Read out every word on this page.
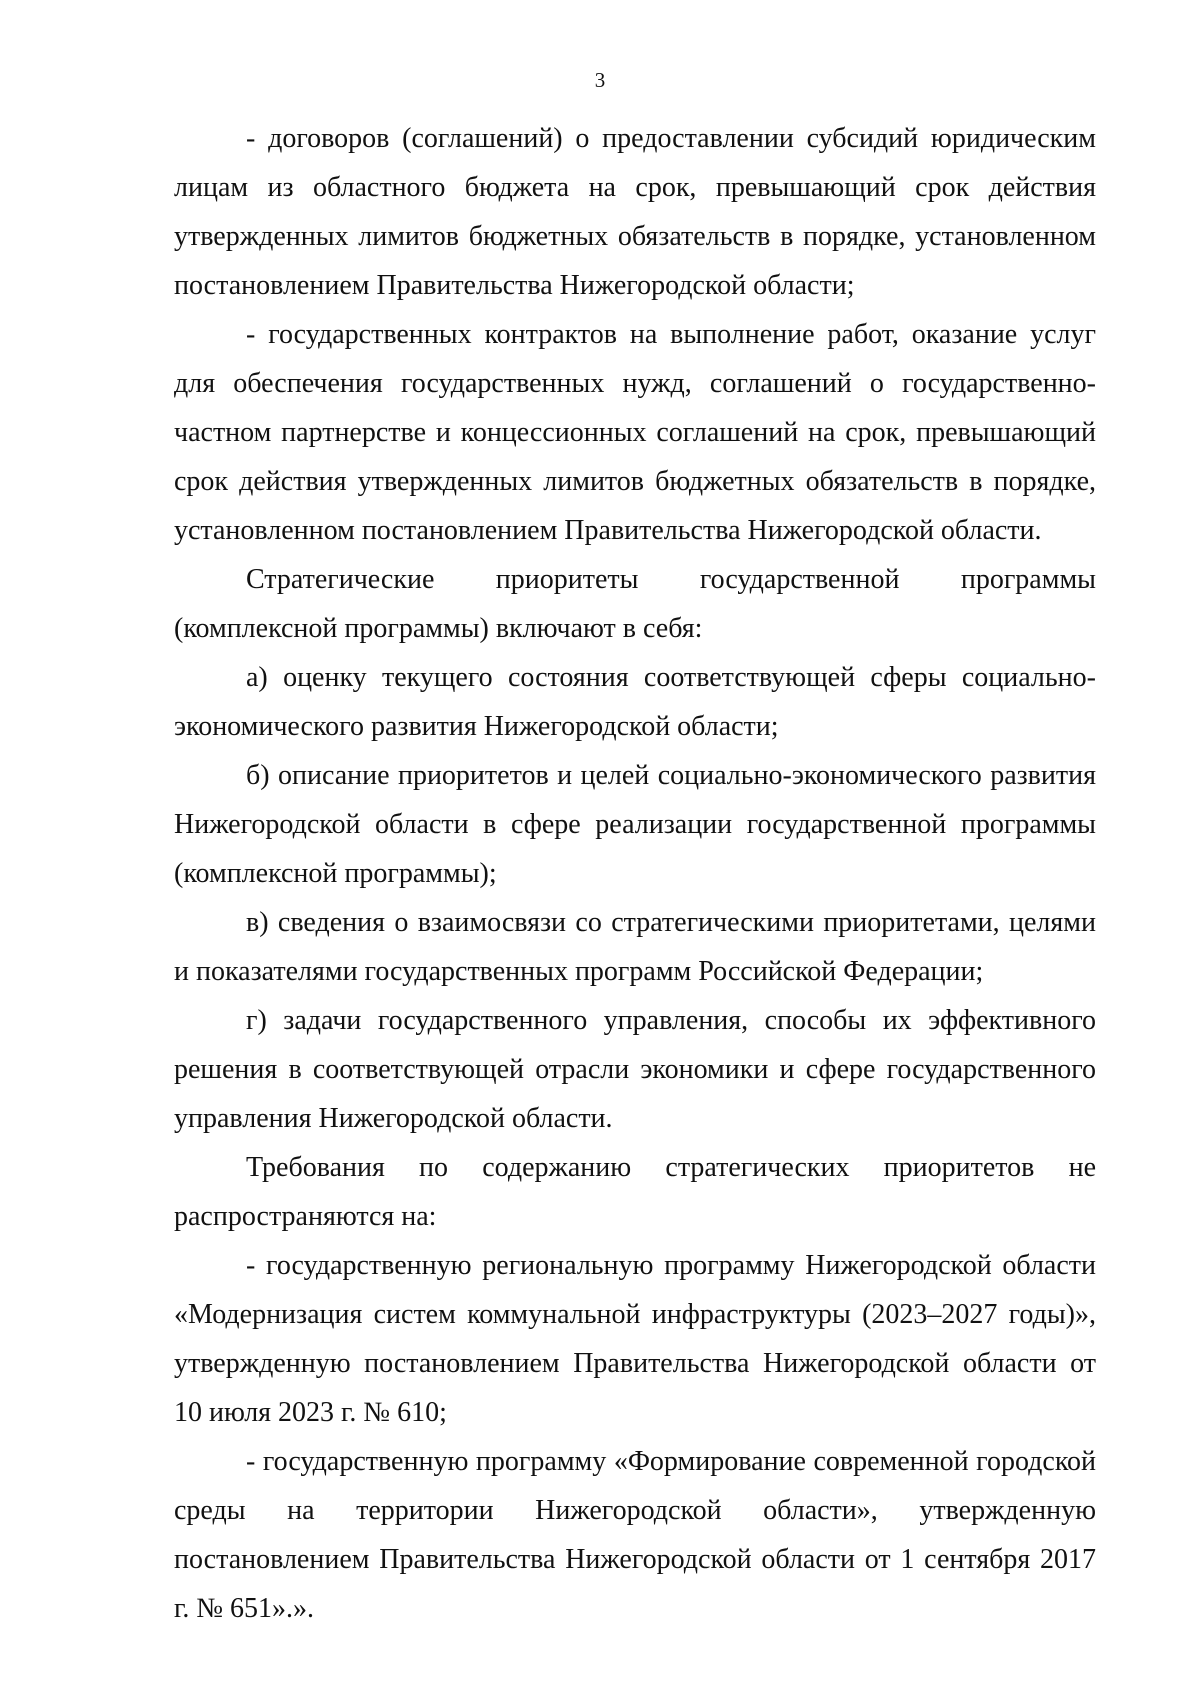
3

- договоров (соглашений) о предоставлении субсидий юридическим лицам из областного бюджета на срок, превышающий срок действия утвержденных лимитов бюджетных обязательств в порядке, установленном постановлением Правительства Нижегородской области;

- государственных контрактов на выполнение работ, оказание услуг для обеспечения государственных нужд, соглашений о государственно-частном партнерстве и концессионных соглашений на срок, превышающий срок действия утвержденных лимитов бюджетных обязательств в порядке, установленном постановлением Правительства Нижегородской области.

Стратегические приоритеты государственной программы (комплексной программы) включают в себя:

а) оценку текущего состояния соответствующей сферы социально-экономического развития Нижегородской области;

б) описание приоритетов и целей социально-экономического развития Нижегородской области в сфере реализации государственной программы (комплексной программы);

в) сведения о взаимосвязи со стратегическими приоритетами, целями и показателями государственных программ Российской Федерации;

г) задачи государственного управления, способы их эффективного решения в соответствующей отрасли экономики и сфере государственного управления Нижегородской области.

Требования по содержанию стратегических приоритетов не распространяются на:

- государственную региональную программу Нижегородской области «Модернизация систем коммунальной инфраструктуры (2023–2027 годы)», утвержденную постановлением Правительства Нижегородской области от 10 июля 2023 г. № 610;

- государственную программу «Формирование современной городской среды на территории Нижегородской области», утвержденную постановлением Правительства Нижегородской области от 1 сентября 2017 г. № 651».».
